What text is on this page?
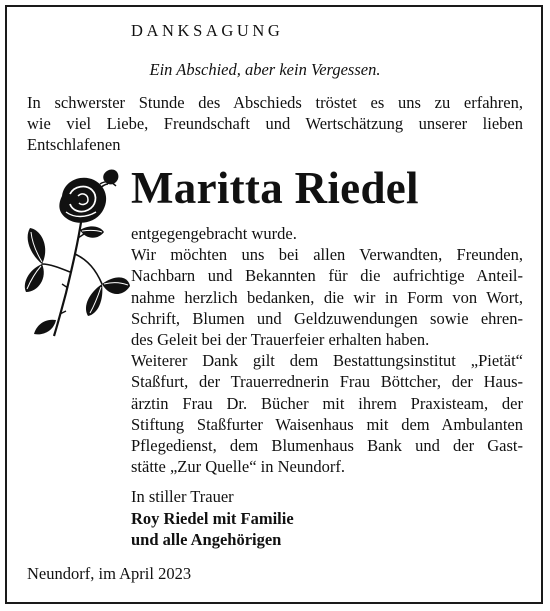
DANKSAGUNG
Ein Abschied, aber kein Vergessen.
In schwerster Stunde des Abschieds tröstet es uns zu erfahren,
wie viel Liebe, Freundschaft und Wertschätzung unserer lieben
Entschlafenen
Maritta Riedel
entgegengebracht wurde.
Wir möchten uns bei allen Verwandten, Freunden,
Nachbarn und Bekannten für die aufrichtige Anteil-
nahme herzlich bedanken, die wir in Form von Wort,
Schrift, Blumen und Geldzuwendungen sowie ehren-
des Geleit bei der Trauerfeier erhalten haben.
Weiterer Dank gilt dem Bestattungsinstitut „Pietät“
Staßfurt, der Trauerrednerin Frau Böttcher, der Haus-
ärztin Frau Dr. Bücher mit ihrem Praxisteam, der
Stiftung Staßfurter Waisenhaus mit dem Ambulanten
Pflegedienst, dem Blumenhaus Bank und der Gast-
stätte „Zur Quelle“ in Neundorf.
In stiller Trauer
Roy Riedel mit Familie
und alle Angehörigen
Neundorf, im April 2023
